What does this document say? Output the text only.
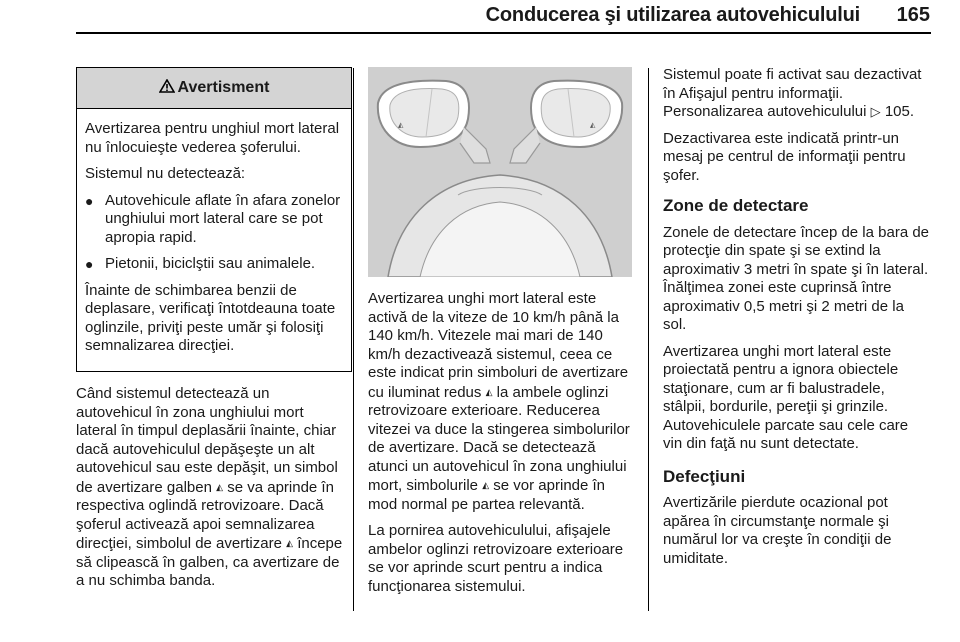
Conducerea şi utilizarea autovehiculului	165
Avertisment

Avertizarea pentru unghiul mort lateral nu înlocuieşte vederea şoferului.

Sistemul nu detectează:

● Autovehicule aflate în afara zonelor unghiului mort lateral care se pot apropia rapid.
● Pietonii, biciclştii sau animalele.

Înainte de schimbarea benzii de deplasare, verificaţi întotdeauna toate oglinzile, priviţi peste umăr şi folosiţi semnalizarea direcţiei.

Când sistemul detectează un autovehicul în zona unghiului mort lateral în timpul deplasării înainte, chiar dacă autovehiculul depăşeşte un alt autovehicul sau este depăşit, un simbol de avertizare galben ◭ se va aprinde în respectiva oglindă retrovizoare. Dacă şoferul activează apoi semnalizarea direcţiei, simbolul de avertizare ◭ începe să clipească în galben, ca avertizare de a nu schimba banda.

◭	◭

Avertizarea unghi mort lateral este activă de la viteze de 10 km/h până la 140 km/h. Vitezele mai mari de 140 km/h dezactivează sistemul, ceea ce este indicat prin simboluri de avertizare cu iluminat redus ◭ la ambele oglinzi retrovizoare exterioare. Reducerea vitezei va duce la stingerea simbolurilor de avertizare. Dacă se detectează atunci un autovehicul în zona unghiului mort, simbolurile ◭ se vor aprinde în mod normal pe partea relevantă.

La pornirea autovehiculului, afişajele ambelor oglinzi retrovizoare exterioare se vor aprinde scurt pentru a indica funcţionarea sistemului.

Sistemul poate fi activat sau dezactivat în Afişajul pentru informaţii. Personalizarea autovehiculului ▷ 105.

Dezactivarea este indicată printr-un mesaj pe centrul de informaţii pentru şofer.

Zone de detectare

Zonele de detectare încep de la bara de protecţie din spate şi se extind la aproximativ 3 metri în spate şi în lateral. Înălţimea zonei este cuprinsă între aproximativ 0,5 metri şi 2 metri de la sol.

Avertizarea unghi mort lateral este proiectată pentru a ignora obiectele staţionare, cum ar fi balustradele, stâlpii, bordurile, pereţii şi grinzile. Autovehiculele parcate sau cele care vin din faţă nu sunt detectate.

Defecţiuni

Avertizările pierdute ocazional pot apărea în circumstanţe normale şi numărul lor va creşte în condiţii de umiditate.
